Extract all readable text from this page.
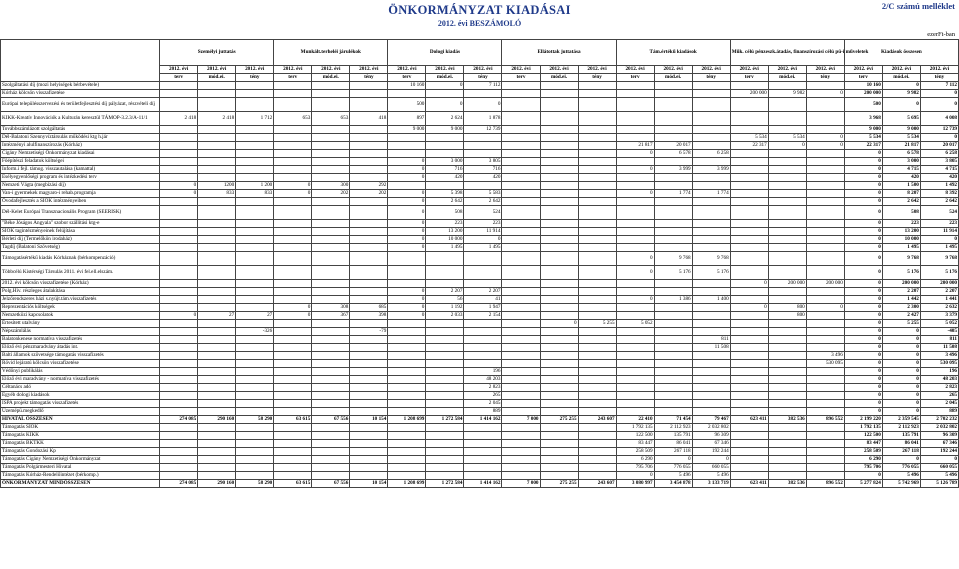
2/C számú melléklet
ÖNKORMÁNYZAT KIADÁSAI
2012. évi BESZÁMOLÓ
ezerFt-ban
	Személyi juttatás			Munkált.terheléi járulékok			Dologi kiadás			Ellátottak juttatása			Tám.értékű kiadások			Műk. célú pénzeszk.átadás, finanszírozási célú pü-i műveletek			Kiadások összesen		
	2012. évi	2012. évi	2012. évi	2012. évi	2012. évi	2012. évi	2012. évi	2012. évi	2012. évi	2012. évi	2012. évi	2012. évi	2012. évi	2012. évi	2012. évi	2012. évi	2012. évi	2012. évi	2012. évi	2012. évi	2012. évi
	terv	mód.ei.	tény	terv	mód.ei.	tény	terv	mód.ei.	tény	terv	mód.ei.	tény	terv	mód.ei.	tény	terv	mód.ei.	tény	terv	mód.ei.	tény
Szolgáltatási díj (mozi helyiségek bérbevétele)							10 160	0	7 112										10 160	0	7 112
Kórház kölcsön visszafizetése																200 000	9 982	0	200 000	9 982	0
Európai településszervezési és területfejlesztési díj pályázat, részvételi díj							500	0	0										500	0	0
KIKK-Kreatív Innovációk a Kulturán keresztül TÁMOP-3.2.3/A-11/1	2 418	2 418	1 712	653	653	418	897	2 624	1 878										3 968	5 695	4 008
Továbbszámlázott szolgáltatás							9 000	9 000	12 739										9 000	9 000	12 739
Dél-Balatoni Szennyvíztársulás működési ktg h.jár																5 534	5 534	0	5 534	5 534	0
Intézményi alulfinanszírozás (Kórház)													21 817	20 017		22 317	0	0	22 317	21 817	20 017
Cigány Nemzetiségi Önkormányzat kiadásai													0	6 578	6 258				0	6 578	6 258
Főépítészi feladatok költségei							0	3 000	3 805										0	3 000	3 805
Inform.i fejl. támog. visszautalása (kamattal)							0	716	716				0	3 999	3 999				0	4 715	4 715
Esélyegyenlőségi program és intézkedési terv							0	420	420										0	420	420
Nemzeti Vágta (megbízási díj)	0	1200	1 200	0	300	292													0	1 500	1 492
Van-i gyermekek magyaro-i rehab.programja	0	833	833	0	202	202	0	5 398	5 583				0	1 774	1 774				0	8 207	8 392
Óvodafejlesztés a SIOK intézményeiben							0	2 642	2 642										0	2 642	2 642
Dél-Kelet Európai Transznacionális Program (SEERISK)							0	508	524										0	508	524
"Béke Jóságos Angyala" szobor szállítási ktg-e							0	223	223										0	223	223
SIOK tagintézményeinek felújítása							0	13 200	11 914										0	13 200	11 914
Bérleti díj (Termelőkön irodaház)							0	10 000	0										0	10 000	0
Tagdíj (Balatoni Szövetség)							0	1 495	1 495										0	1 495	1 495
Támogatásértékű kiadás Kórháznak (bérkompenzáció)													0	9 768	9 768				0	9 768	9 768
Többcélú Kistérségi Társulás 2011. évi fel.ell.elszám.													0	5 176	5 176				0	5 176	5 176
2012. évi kölcsön visszafizetése (Kórház)																0	200 000	200 000	0	200 000	200 000
Polg.Hiv. részleges átalakítása							0	2 207	2 207										0	2 207	2 207
Jelzőrendszeres házi s.nyújt.tám.visszafizetés							0	56	41				0	1 386	1 400				0	1 442	1 441
Reprezentációs költségek				0	308	685	0	1 192	1 947							0	800	0	0	2 300	2 632
Nemzetközi kapcsolatok	0	27	27	0	367	398	0	2 033	2 154								800		0	2 427	3 379
Értesített utalvány											0	5 255	5 052						0	5 255	5 052
Népszámlálás			-326			-79													0	0	-405
Balatonkenese normatíva visszafizetés															811				0	0	811
Előző évi pénzmaradvány átadás int.															11 508				0	0	11 508
Balti államok szövetsége támogatás visszafizetés																		3 496	0	0	3 496
Rövid lejáratú kölcsön visszafizetése																		530 095	0	0	530 095
Védőnyi publikálás									196										0	0	196
Előző évi maradvány - normatíva visszafizetés									48 203										0	0	48 203
Céltanács adó									2 823										0	0	2 823
Egyéb dologi kiadások									265										0	0	265
ISPA projekt támogatás visszafizetés									2 045										0	0	2 045
Üzemépü.megkedlő									889										0	0	889
HIVATAL ÖSSZESEN	274 085	290 160	58 290	63 615	67 556	10 154	1 208 699	1 272 584	1 414 162	7 000	275 255	243 607	22 410	71 454	79 467	623 411	382 536	896 552	2 199 220	2 359 545	2 702 232
Támogatás SIOK													1 792 135	2 112 923	2 032 802				1 792 135	2 112 923	2 032 802
Támogatás KIKK													122 500	135 791	96 309				122 500	135 791	96 309
Támogatás BKTKK													83 447	86 041	67 346				83 447	86 041	67 346
Támogatás Gondozási Kp													258 509	267 118	192 244				258 509	267 118	192 244
Támogatás Cigány Nemzetiségi Önkormányzat													6 290	0	0				6 290	0	0
Támogatás Polgármesteri Hivatal													795 706	776 055	660 055				795 706	776 055	660 055
Támogatás Kórház-Rendelőintézet (bérkomp.)													0	5 496	5 496				0	5 496	5 496
ÖNKORMÁNYZAT MINDÖSSZESEN	274 085	290 160	58 290	63 615	67 556	10 154	1 208 699	1 272 584	1 414 162	7 000	275 255	243 607	3 080 997	3 454 878	3 133 719	623 411	382 536	896 552	5 277 824	5 742 969	5 126 789
